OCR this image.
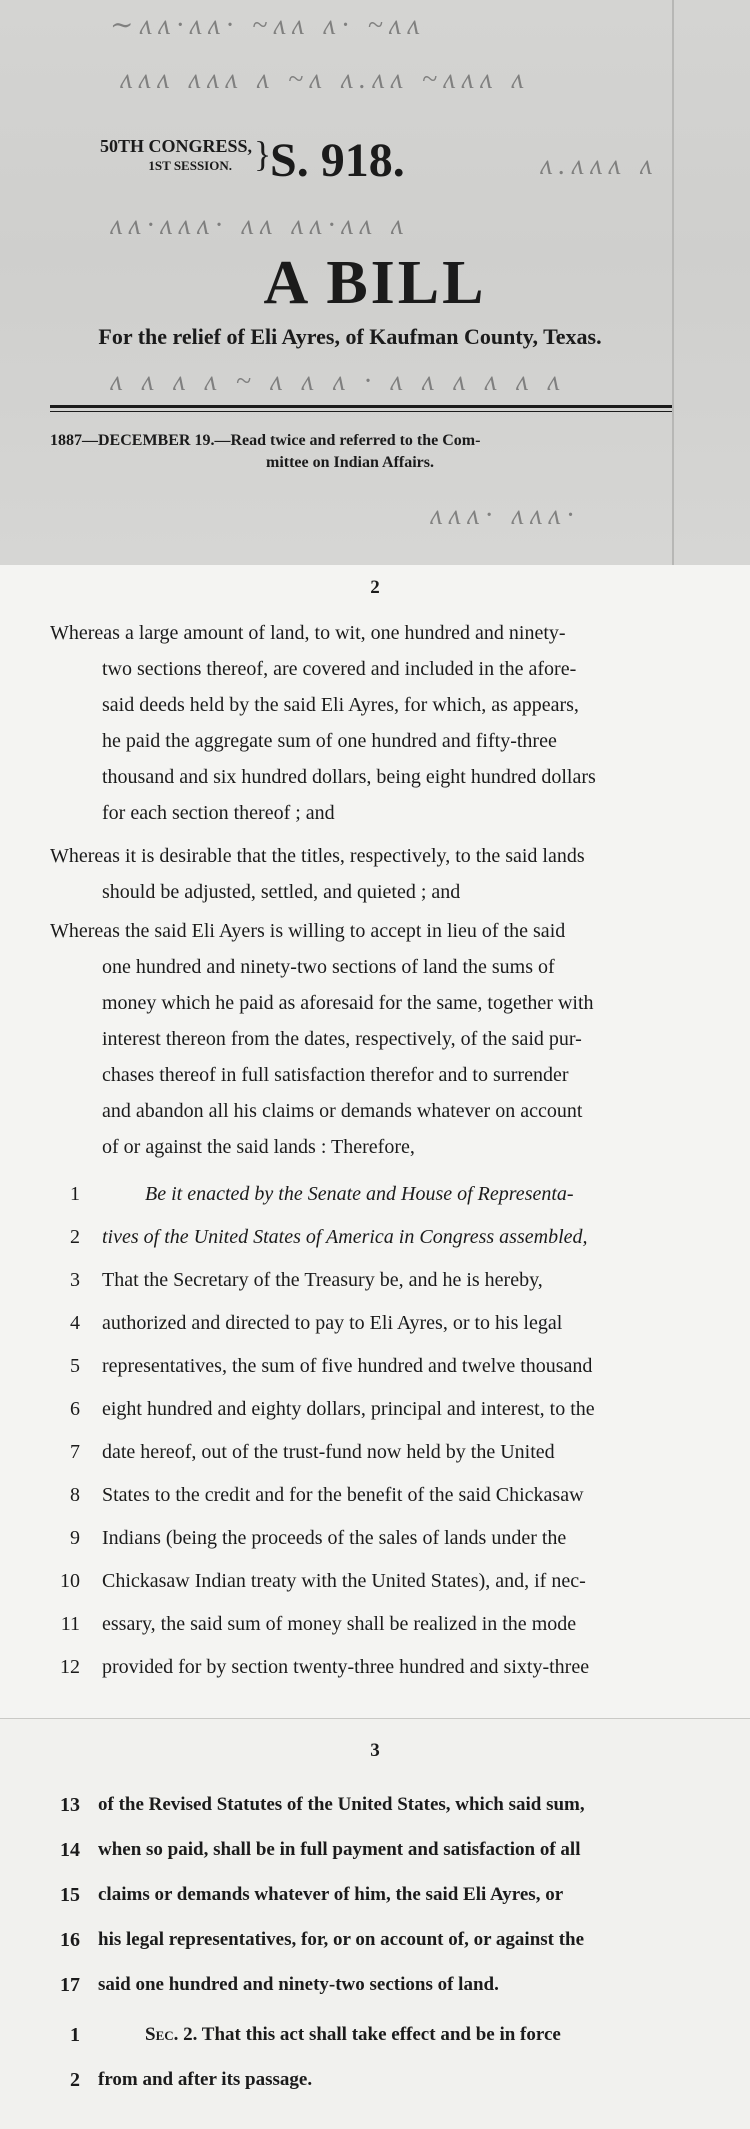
∼ʌʌ·ʌʌ· ~ʌʌ ʌ· ~ʌʌ
ʌʌʌ ʌʌʌ ʌ ~ʌ ʌ.ʌʌ ~ʌʌʌ ʌ
ʌ.ʌʌʌ ʌ
ʌʌ·ʌʌʌ· ʌʌ ʌʌ·ʌʌ ʌ
ʌ ʌ ʌ ʌ ~ ʌ ʌ ʌ · ʌ ʌ ʌ ʌ ʌ ʌ
ʌʌʌ· ʌʌʌ·
50TH CONGRESS,
1ST SESSION. }
S. 918.
A BILL
For the relief of Eli Ayres, of Kaufman County, Texas.
1887—DECEMBER 19.—Read twice and referred to the Com-
mittee on Indian Affairs.
2
Whereas a large amount of land, to wit, one hundred and ninety-
two sections thereof, are covered and included in the afore-
said deeds held by the said Eli Ayres, for which, as appears,
he paid the aggregate sum of one hundred and fifty-three
thousand and six hundred dollars, being eight hundred dollars
for each section thereof ; and
Whereas it is desirable that the titles, respectively, to the said lands
should be adjusted, settled, and quieted ; and
Whereas the said Eli Ayers is willing to accept in lieu of the said
one hundred and ninety-two sections of land the sums of
money which he paid as aforesaid for the same, together with
interest thereon from the dates, respectively, of the said pur-
chases thereof in full satisfaction therefor and to surrender
and abandon all his claims or demands whatever on account
of or against the said lands : Therefore,
1	Be it enacted by the Senate and House of Representa-
2 tives of the United States of America in Congress assembled,
3 That the Secretary of the Treasury be, and he is hereby,
4 authorized and directed to pay to Eli Ayres, or to his legal
5 representatives, the sum of five hundred and twelve thousand
6 eight hundred and eighty dollars, principal and interest, to the
7 date hereof, out of the trust-fund now held by the United
8 States to the credit and for the benefit of the said Chickasaw
9 Indians (being the proceeds of the sales of lands under the
10 Chickasaw Indian treaty with the United States), and, if nec-
11 essary, the said sum of money shall be realized in the mode
12 provided for by section twenty-three hundred and sixty-three
3
13 of the Revised Statutes of the United States, which said sum,
14 when so paid, shall be in full payment and satisfaction of all
15 claims or demands whatever of him, the said Eli Ayres, or
16 his legal representatives, for, or on account of, or against the
17 said one hundred and ninety-two sections of land.
1	Sec. 2. That this act shall take effect and be in force
2 from and after its passage.
